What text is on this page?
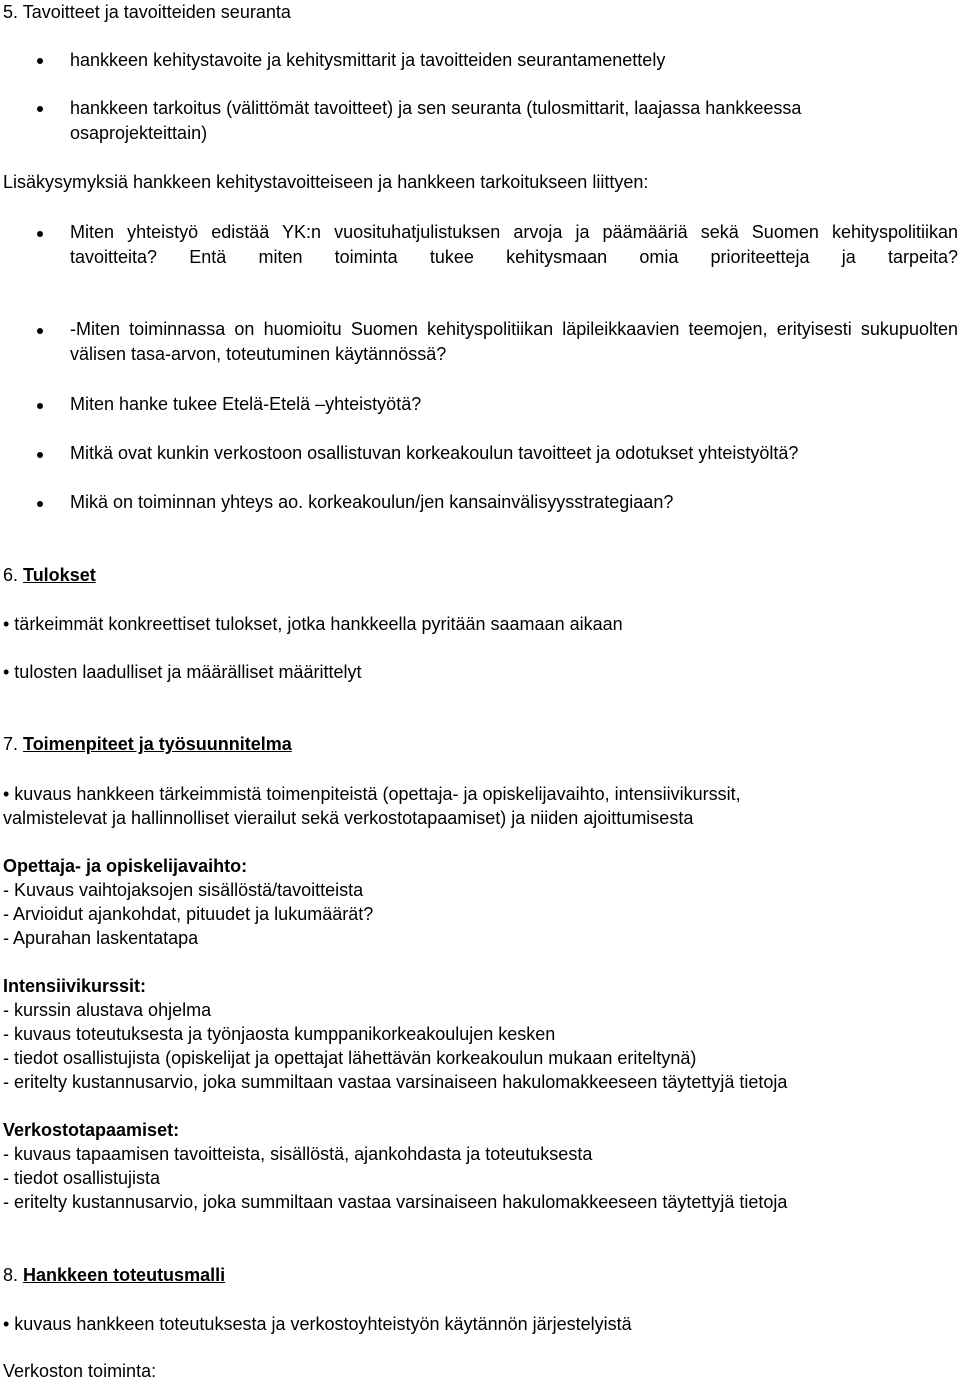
5. Tavoitteet ja tavoitteiden seuranta
hankkeen kehitystavoite ja kehitysmittarit ja tavoitteiden seurantamenettely
hankkeen tarkoitus (välittömät tavoitteet) ja sen seuranta (tulosmittarit, laajassa hankkeessa
osaprojekteittain)
Lisäkysymyksiä hankkeen kehitystavoitteiseen ja hankkeen tarkoitukseen liittyen:
Miten yhteistyö edistää YK:n vuosituhatjulistuksen arvoja ja päämääriä sekä Suomen kehityspolitiikan tavoitteita? Entä miten toiminta tukee kehitysmaan omia prioriteetteja ja tarpeita?
-Miten toiminnassa on huomioitu Suomen kehityspolitiikan läpileikkaavien teemojen, erityisesti sukupuolten välisen tasa-arvon, toteutuminen käytännössä?
Miten hanke tukee Etelä-Etelä –yhteistyötä?
Mitkä ovat kunkin verkostoon osallistuvan korkeakoulun tavoitteet ja odotukset yhteistyöltä?
Mikä on toiminnan yhteys ao. korkeakoulun/jen kansainvälisyysstrategiaan?
6. Tulokset
• tärkeimmät konkreettiset tulokset, jotka hankkeella pyritään saamaan aikaan
• tulosten laadulliset ja määrälliset määrittelyt
7. Toimenpiteet ja työsuunnitelma
• kuvaus hankkeen tärkeimmistä toimenpiteistä (opettaja- ja opiskelijavaihto, intensiivikurssit,
valmistelevat ja hallinnolliset vierailut sekä verkostotapaamiset) ja niiden ajoittumisesta
Opettaja- ja opiskelijavaihto:
- Kuvaus vaihtojaksojen sisällöstä/tavoitteista
- Arvioidut ajankohdat, pituudet ja lukumäärät?
- Apurahan laskentatapa
Intensiivikurssit:
- kurssin alustava ohjelma
- kuvaus toteutuksesta ja työnjaosta kumppanikorkeakoulujen kesken
- tiedot osallistujista (opiskelijat ja opettajat lähettävän korkeakoulun mukaan eriteltynä)
- eritelty kustannusarvio, joka summiltaan vastaa varsinaiseen hakulomakkeeseen täytettyjä tietoja
Verkostotapaamiset:
- kuvaus tapaamisen tavoitteista, sisällöstä, ajankohdasta ja toteutuksesta
- tiedot osallistujista
- eritelty kustannusarvio, joka summiltaan vastaa varsinaiseen hakulomakkeeseen täytettyjä tietoja
8. Hankkeen toteutusmalli
• kuvaus hankkeen toteutuksesta ja verkostoyhteistyön käytännön järjestelyistä
Verkoston toiminta:
